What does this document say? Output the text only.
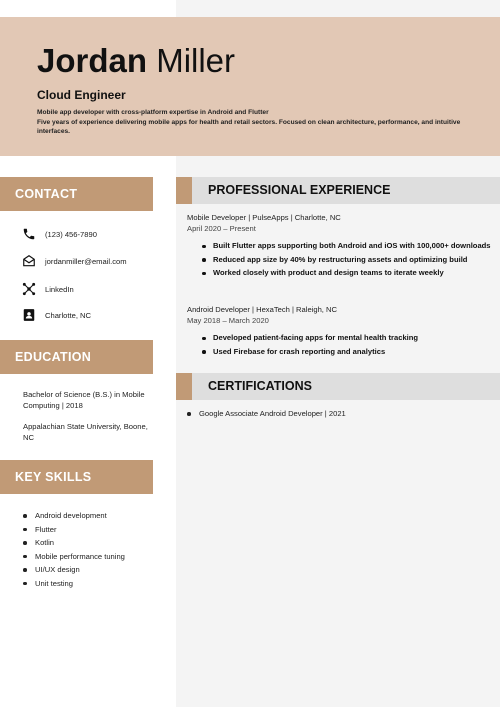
Jordan Miller
Cloud Engineer
Mobile app developer with cross-platform expertise in Android and Flutter
Five years of experience delivering mobile apps for health and retail sectors. Focused on clean architecture, performance, and intuitive interfaces.
CONTACT
(123) 456-7890
jordanmiller@email.com
LinkedIn
Charlotte, NC
EDUCATION
Bachelor of Science (B.S.) in Mobile Computing | 2018
Appalachian State University, Boone, NC
KEY SKILLS
Android development
Flutter
Kotlin
Mobile performance tuning
UI/UX design
Unit testing
PROFESSIONAL EXPERIENCE
Mobile Developer | PulseApps | Charlotte, NC
April 2020 – Present
Built Flutter apps supporting both Android and iOS with 100,000+ downloads
Reduced app size by 40% by restructuring assets and optimizing build
Worked closely with product and design teams to iterate weekly
Android Developer | HexaTech | Raleigh, NC
May 2018 – March 2020
Developed patient-facing apps for mental health tracking
Used Firebase for crash reporting and analytics
CERTIFICATIONS
Google Associate Android Developer | 2021
